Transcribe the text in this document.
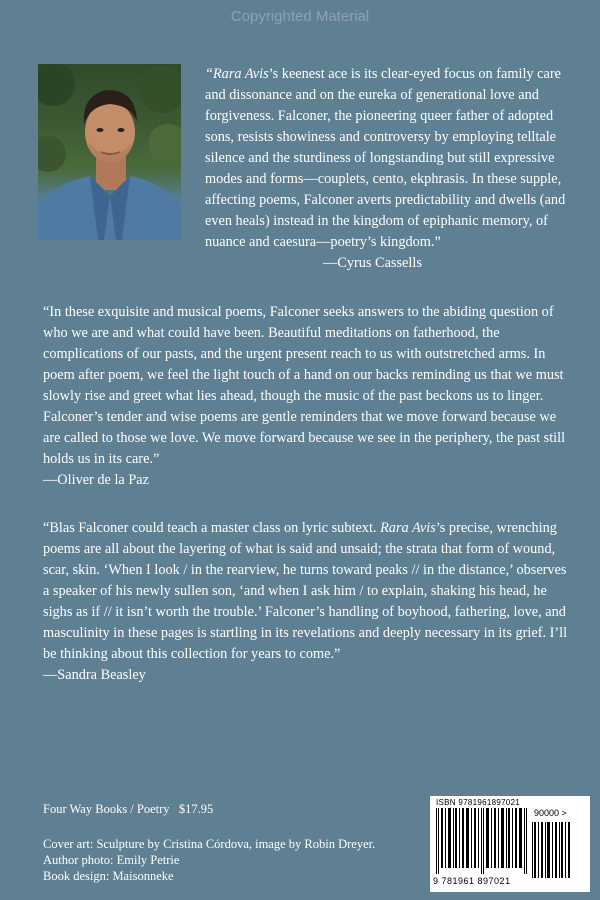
Copyrighted Material
“Rara Avis’s keenest ace is its clear-eyed focus on family care and dissonance and on the eureka of generational love and forgiveness. Falconer, the pioneering queer father of adopted sons, resists showiness and controversy by employing telltale silence and the sturdiness of longstanding but still expressive modes and forms—couplets, cento, ekphrasis. In these supple, affecting poems, Falconer averts predictability and dwells (and even heals) instead in the kingdom of epiphanic memory, of nuance and caesura—poetry’s kingdom.”
—Cyrus Cassells
“In these exquisite and musical poems, Falconer seeks answers to the abiding question of who we are and what could have been. Beautiful meditations on fatherhood, the complications of our pasts, and the urgent present reach to us with outstretched arms. In poem after poem, we feel the light touch of a hand on our backs reminding us that we must slowly rise and greet what lies ahead, though the music of the past beckons us to linger. Falconer’s tender and wise poems are gentle reminders that we move forward because we are called to those we love. We move forward because we see in the periphery, the past still holds us in its care.”
—Oliver de la Paz
“Blas Falconer could teach a master class on lyric subtext. Rara Avis’s precise, wrenching poems are all about the layering of what is said and unsaid; the strata that form of wound, scar, skin. ‘When I look / in the rearview, he turns toward peaks // in the distance,’ observes a speaker of his newly sullen son, ‘and when I ask him / to explain, shaking his head, he sighs as if // it isn’t worth the trouble.’ Falconer’s handling of boyhood, fathering, love, and masculinity in these pages is startling in its revelations and deeply necessary in its grief. I’ll be thinking about this collection for years to come.”
—Sandra Beasley
Four Way Books / Poetry   $17.95
Cover art: Sculpture by Cristina Córdova, image by Robin Dreyer.
Author photo: Emily Petrie
Book design: Maisonneke
ISBN 9781961897021
90000 >
9 781961 897021
